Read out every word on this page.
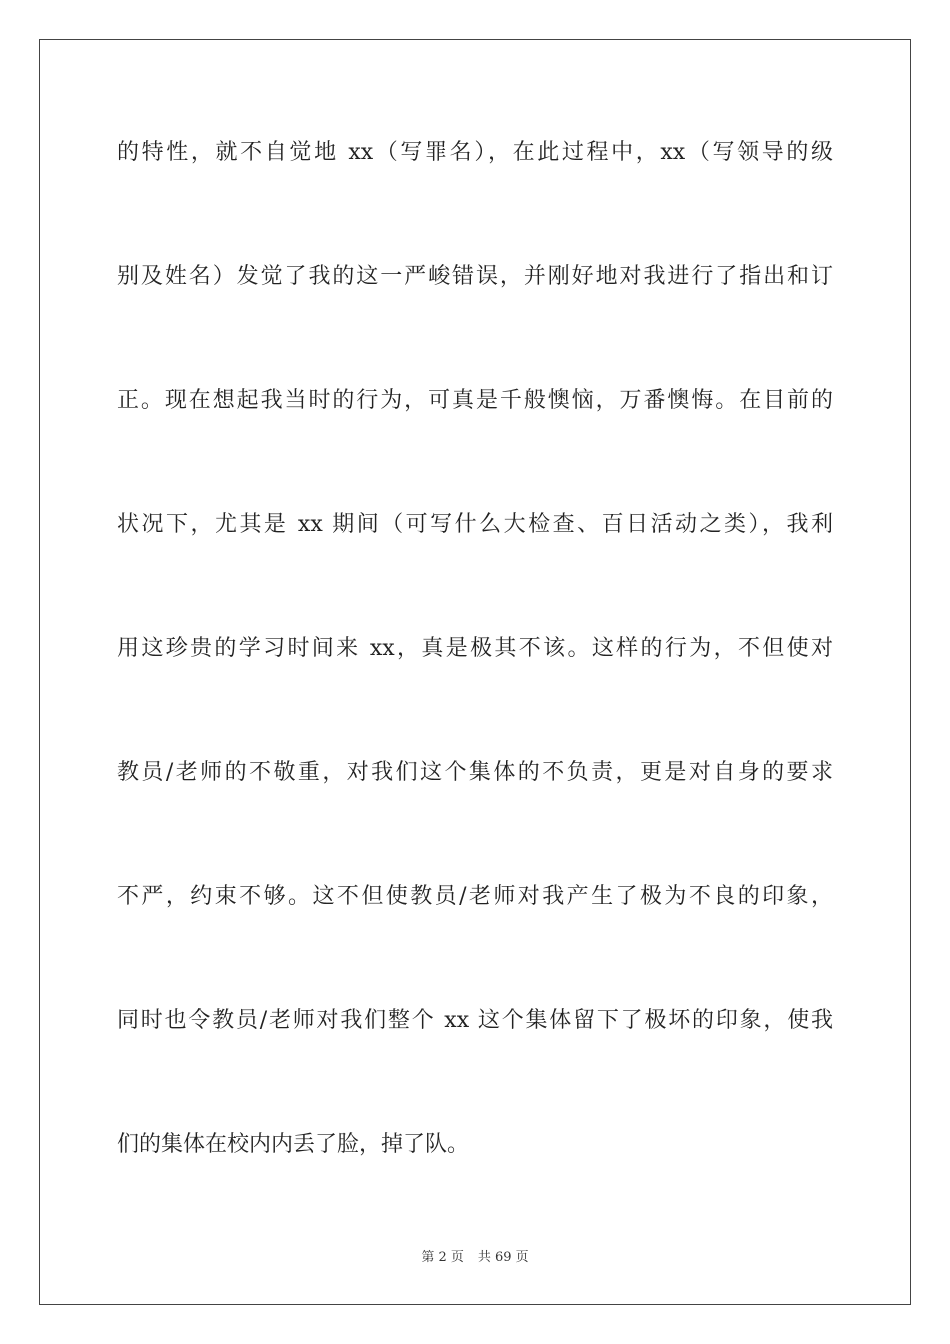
的特性，就不自觉地 xx（写罪名），在此过程中，xx（写领导的级
别及姓名）发觉了我的这一严峻错误，并刚好地对我进行了指出和订
正。现在想起我当时的行为，可真是千般懊恼，万番懊悔。在目前的
状况下，尤其是 xx 期间（可写什么大检查、百日活动之类），我利
用这珍贵的学习时间来 xx，真是极其不该。这样的行为，不但使对
教员/老师的不敬重，对我们这个集体的不负责，更是对自身的要求
不严，约束不够。这不但使教员/老师对我产生了极为不良的印象，
同时也令教员/老师对我们整个 xx 这个集体留下了极坏的印象，使我
们的集体在校内内丢了脸，掉了队。
第 2 页 共 69 页
